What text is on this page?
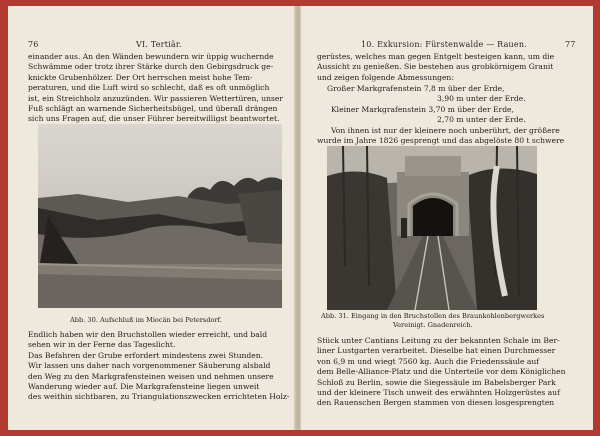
76	VI. Tertiär.
einander aus. An den Wänden bewundern wir üppig wuchernde
Schwämme oder trotz ihrer Stärke durch den Gebirgsdruck ge-
knickte Grubenhölzer. Der Ort herrschen meist hohe Tem-
peraturen, und die Luft wird so schlecht, daß es oft unmöglich
ist, ein Streichholz anzuzünden. Wir passieren Wettertüren, unser
Fuß schlägt an warnende Sicherheitsbügel, und überall drängen
sich uns Fragen auf, die unser Führer bereitwilligst beantwortet.
Abb. 30. Aufschluß im Miocän bei Petersdorf.
Endlich haben wir den Bruchstollen wieder erreicht, und bald
sehen wir in der Ferne das Tageslicht.
Das Befahren der Grube erfordert mindestens zwei Stunden.
Wir lassen uns daher nach vorgenommener Säuberung alsbald
den Weg zu den Markgrafensteinen weisen und nehmen unsere
Wanderung wieder auf. Die Markgrafensteine liegen unweit
des weithin sichtbaren, zu Triangulationszwecken errichteten Holz-
10. Exkursion: Fürstenwalde — Rauen.	77
gerüstes, welches man gegen Entgelt besteigen kann, um die
Aussicht zu genießen. Sie bestehen aus grobkörnigem Granit
und zeigen folgende Abmessungen:
Großer Markgrafenstein 7,8 m über der Erde,
3,90 m unter der Erde.
Kleiner Markgrafenstein 3,70 m über der Erde,
2,70 m unter der Erde.
Von ihnen ist nur der kleinere noch unberührt, der größere
wurde im Jahre 1826 gesprengt und das abgelöste 80 t schwere
Abb. 31. Eingang in den Bruchstollen des Braunkohlenbergwerkes
Vereinigt. Gnadenreich.
Stück unter Cantians Leitung zu der bekannten Schale im Ber-
liner Lustgarten verarbeitet. Dieselbe hat einen Durchmesser
von 6,9 m und wiegt 7560 kg. Auch die Friedenssäule auf
dem Belle-Alliance-Platz und die Unterteile vor dem Königlichen
Schloß zu Berlin, sowie die Siegessäule im Babelsberger Park
und der kleinere Tisch unweit des erwähnten Holzgerüstes auf
den Rauenschen Bergen stammen von diesen losgesprengten
